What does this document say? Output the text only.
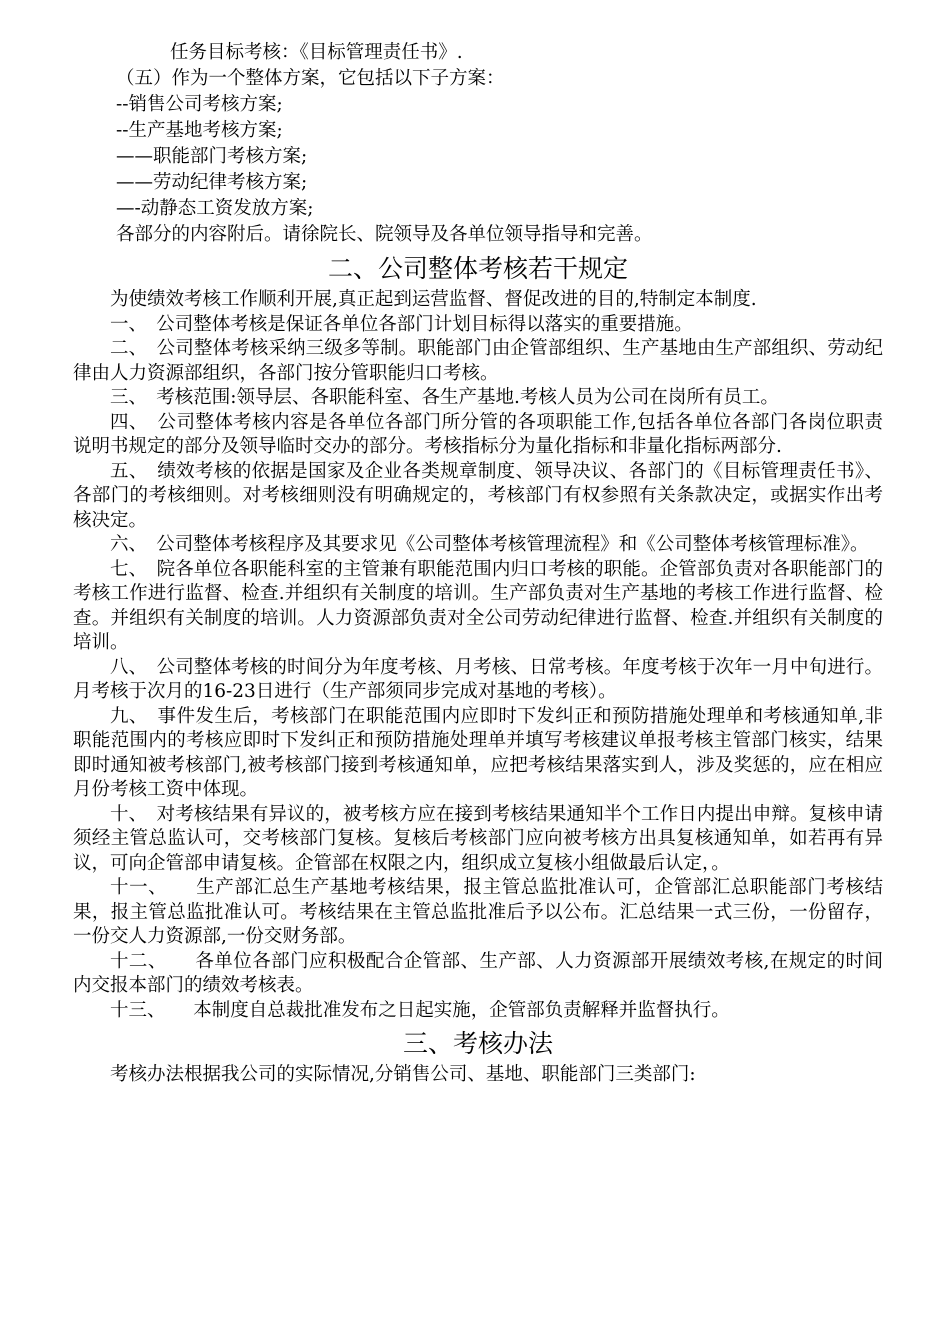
任务目标考核：《目标管理责任书》.
（五）作为一个整体方案，它包括以下子方案：
--销售公司考核方案;
--生产基地考核方案;
——职能部门考核方案;
——劳动纪律考核方案;
—-动静态工资发放方案;
各部分的内容附后。请徐院长、院领导及各单位领导指导和完善。
二、公司整体考核若干规定

为使绩效考核工作顺利开展,真正起到运营监督、督促改进的目的,特制定本制度.

一、　公司整体考核是保证各单位各部门计划目标得以落实的重要措施。

二、　公司整体考核采纳三级多等制。职能部门由企管部组织、生产基地由生产部组织、劳动纪律由人力资源部组织，各部门按分管职能归口考核。

三、　考核范围:领导层、各职能科室、各生产基地.考核人员为公司在岗所有员工。

四、　公司整体考核内容是各单位各部门所分管的各项职能工作,包括各单位各部门各岗位职责说明书规定的部分及领导临时交办的部分。考核指标分为量化指标和非量化指标两部分.

五、　绩效考核的依据是国家及企业各类规章制度、领导决议、各部门的《目标管理责任书》、各部门的考核细则。对考核细则没有明确规定的，考核部门有权参照有关条款决定，或据实作出考核决定。

六、　公司整体考核程序及其要求见《公司整体考核管理流程》和《公司整体考核管理标准》。

七、　院各单位各职能科室的主管兼有职能范围内归口考核的职能。企管部负责对各职能部门的考核工作进行监督、检查.并组织有关制度的培训。生产部负责对生产基地的考核工作进行监督、检查。并组织有关制度的培训。人力资源部负责对全公司劳动纪律进行监督、检查.并组织有关制度的培训。

八、　公司整体考核的时间分为年度考核、月考核、日常考核。年度考核于次年一月中旬进行。月考核于次月的16-23日进行（生产部须同步完成对基地的考核）。

九、　事件发生后，考核部门在职能范围内应即时下发纠正和预防措施处理单和考核通知单,非职能范围内的考核应即时下发纠正和预防措施处理单并填写考核建议单报考核主管部门核实，结果即时通知被考核部门,被考核部门接到考核通知单，应把考核结果落实到人，涉及奖惩的，应在相应月份考核工资中体现。

十、　对考核结果有异议的，被考核方应在接到考核结果通知半个工作日内提出申辩。复核申请须经主管总监认可，交考核部门复核。复核后考核部门应向被考核方出具复核通知单，如若再有异议，可向企管部申请复核。企管部在权限之内，组织成立复核小组做最后认定，。

十一、　　生产部汇总生产基地考核结果，报主管总监批准认可，企管部汇总职能部门考核结果，报主管总监批准认可。考核结果在主管总监批准后予以公布。汇总结果一式三份，一份留存，一份交人力资源部,一份交财务部。

十二、　　各单位各部门应积极配合企管部、生产部、人力资源部开展绩效考核,在规定的时间内交报本部门的绩效考核表。

十三、　　本制度自总裁批准发布之日起实施，企管部负责解释并监督执行。

三、考核办法

考核办法根据我公司的实际情况,分销售公司、基地、职能部门三类部门:
